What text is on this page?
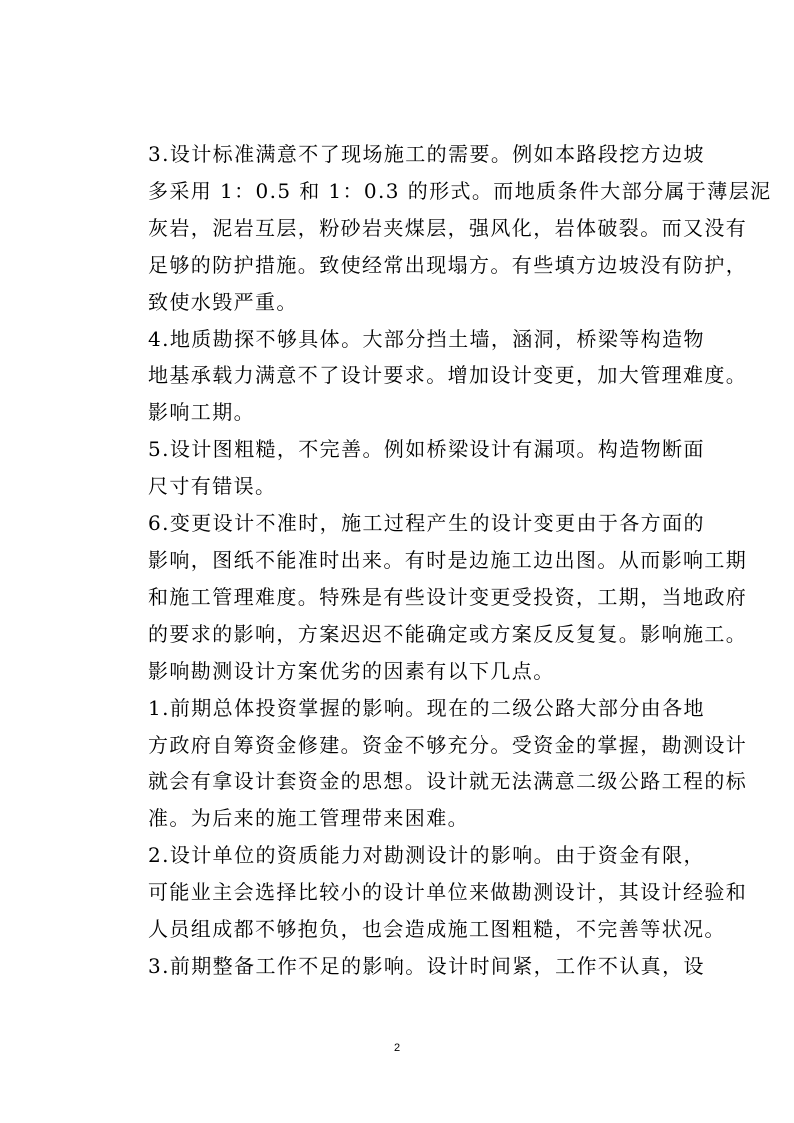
3.设计标准满意不了现场施工的需要。例如本路段挖方边坡
多采用 1：0.5 和 1：0.3 的形式。而地质条件大部分属于薄层泥
灰岩，泥岩互层，粉砂岩夹煤层，强风化，岩体破裂。而又没有
足够的防护措施。致使经常出现塌方。有些填方边坡没有防护，
致使水毁严重。

4.地质勘探不够具体。大部分挡土墙，涵洞，桥梁等构造物
地基承载力满意不了设计要求。增加设计变更，加大管理难度。
影响工期。

5.设计图粗糙，不完善。例如桥梁设计有漏项。构造物断面
尺寸有错误。

6.变更设计不准时，施工过程产生的设计变更由于各方面的
影响，图纸不能准时出来。有时是边施工边出图。从而影响工期
和施工管理难度。特殊是有些设计变更受投资，工期，当地政府
的要求的影响，方案迟迟不能确定或方案反反复复。影响施工。

影响勘测设计方案优劣的因素有以下几点。

1.前期总体投资掌握的影响。现在的二级公路大部分由各地
方政府自筹资金修建。资金不够充分。受资金的掌握，勘测设计
就会有拿设计套资金的思想。设计就无法满意二级公路工程的标
准。为后来的施工管理带来困难。

2.设计单位的资质能力对勘测设计的影响。由于资金有限，
可能业主会选择比较小的设计单位来做勘测设计，其设计经验和
人员组成都不够抱负，也会造成施工图粗糙，不完善等状况。

3.前期整备工作不足的影响。设计时间紧，工作不认真，设

2
